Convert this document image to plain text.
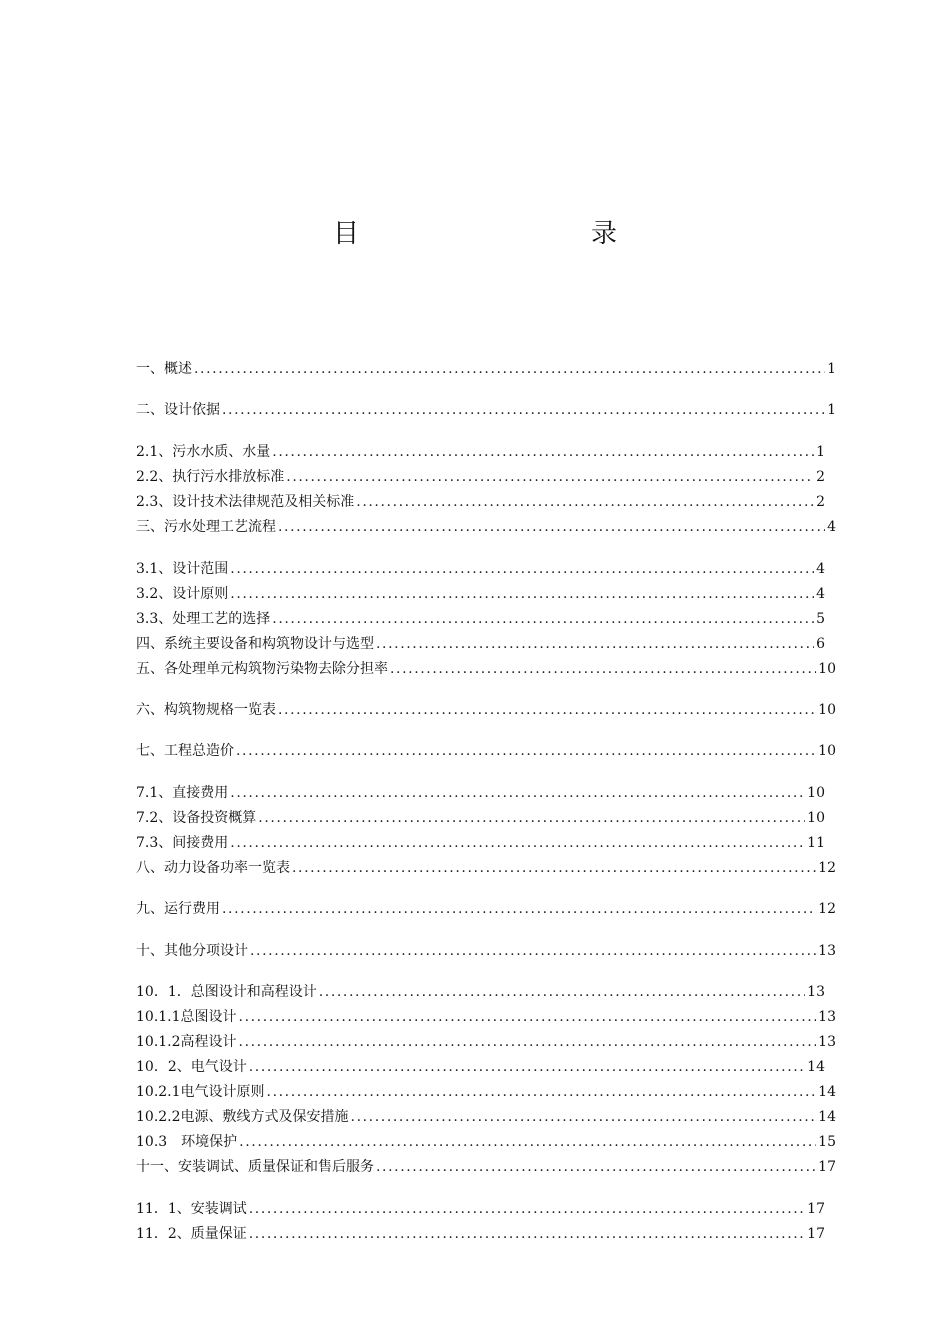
目　　录
一、概述 .....	1
二、设计依据 .....	1
2.1、污水水质、水量 .....	1
2.2、执行污水排放标准 .....	2
2.3、设计技术法律规范及相关标准 .....	2
三、污水处理工艺流程 .....	4
3.1、设计范围 .....	4
3.2、设计原则 .....	4
3.3、处理工艺的选择 .....	5
四、系统主要设备和构筑物设计与选型 .....	6
五、各处理单元构筑物污染物去除分担率 .....	10
六、构筑物规格一览表 .....	10
七、工程总造价 .....	10
7.1、直接费用 .....	10
7.2、设备投资概算 .....	10
7.3、间接费用 .....	11
八、动力设备功率一览表 .....	12
九、运行费用 .....	12
十、其他分项设计 .....	13
10．1．总图设计和高程设计 .....	13
10.1.1总图设计 .....	13
10.1.2高程设计 .....	13
10．2、电气设计 .....	14
10.2.1电气设计原则 .....	14
10.2.2电源、敷线方式及保安措施 .....	14
10.3　环境保护 .....	15
十一、安装调试、质量保证和售后服务 .....	17
11．1、安装调试 .....	17
11．2、质量保证 .....	17
